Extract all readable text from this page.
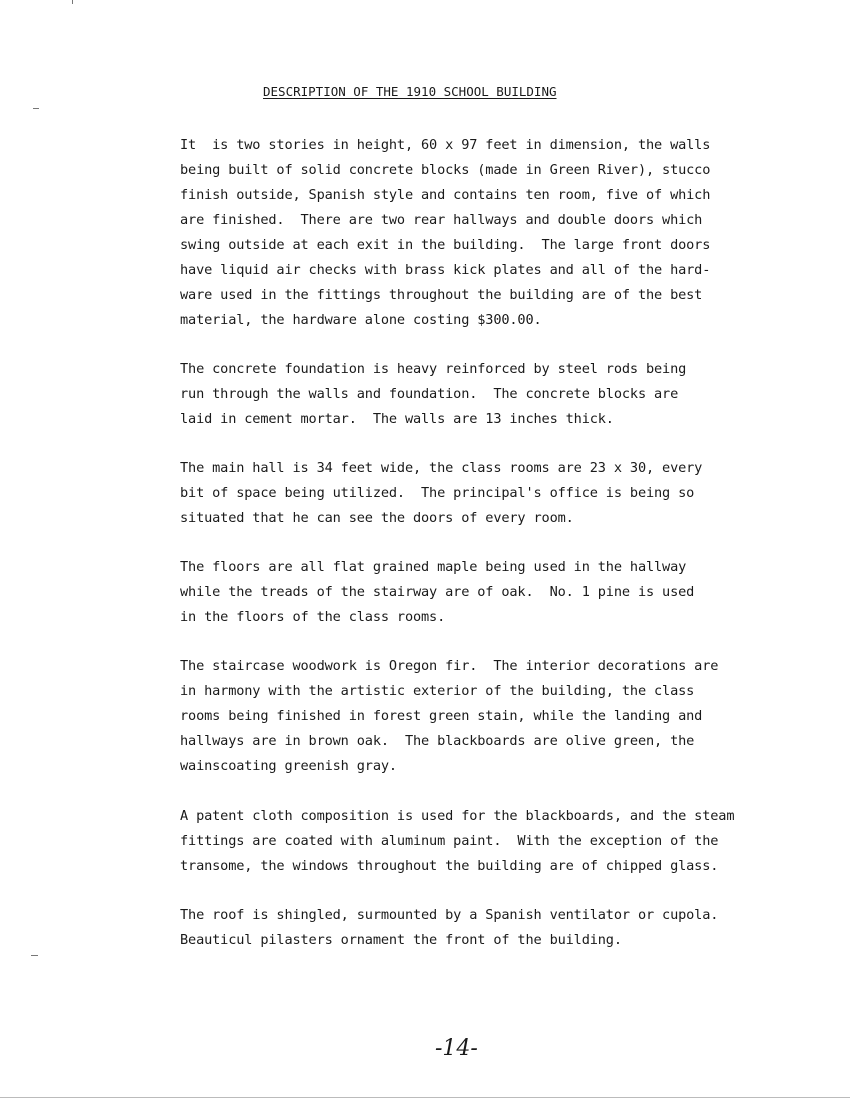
DESCRIPTION OF THE 1910 SCHOOL BUILDING
It  is two stories in height, 60 x 97 feet in dimension, the walls
being built of solid concrete blocks (made in Green River), stucco
finish outside, Spanish style and contains ten room, five of which
are finished.  There are two rear hallways and double doors which
swing outside at each exit in the building.  The large front doors
have liquid air checks with brass kick plates and all of the hard-
ware used in the fittings throughout the building are of the best
material, the hardware alone costing $300.00.
The concrete foundation is heavy reinforced by steel rods being
run through the walls and foundation.  The concrete blocks are
laid in cement mortar.  The walls are 13 inches thick.
The main hall is 34 feet wide, the class rooms are 23 x 30, every
bit of space being utilized.  The principal's office is being so
situated that he can see the doors of every room.
The floors are all flat grained maple being used in the hallway
while the treads of the stairway are of oak.  No. 1 pine is used
in the floors of the class rooms.
The staircase woodwork is Oregon fir.  The interior decorations are
in harmony with the artistic exterior of the building, the class
rooms being finished in forest green stain, while the landing and
hallways are in brown oak.  The blackboards are olive green, the
wainscoating greenish gray.
A patent cloth composition is used for the blackboards, and the steam
fittings are coated with aluminum paint.  With the exception of the
transome, the windows throughout the building are of chipped glass.
The roof is shingled, surmounted by a Spanish ventilator or cupola.
Beauticul pilasters ornament the front of the building.
-14-
